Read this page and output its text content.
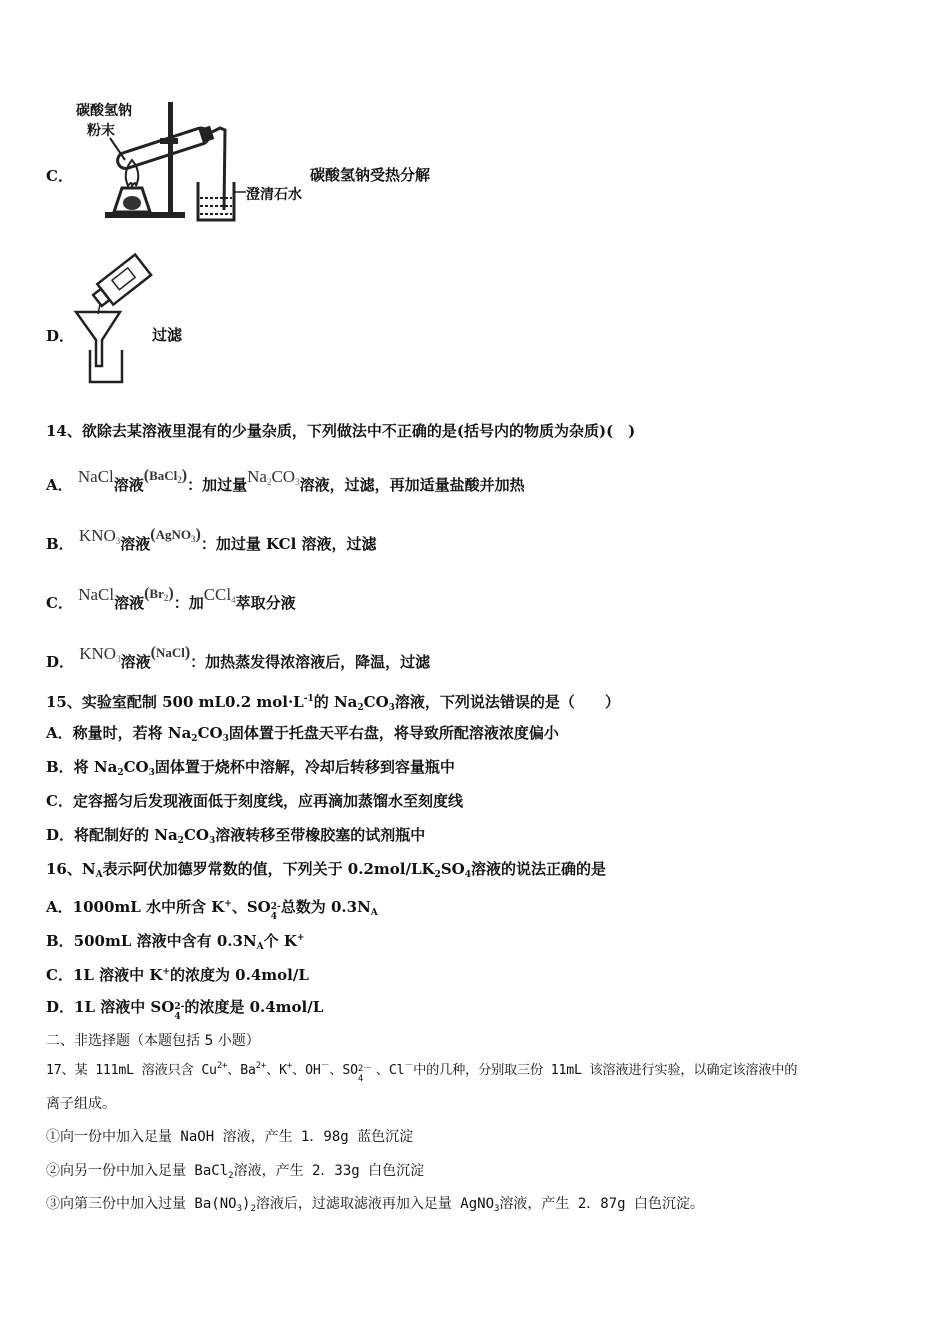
C．
碳酸氢钠
粉末
澄清石水
碳酸氢钠受热分解
D．	过滤
14、欲除去某溶液里混有的少量杂质，下列做法中不正确的是(括号内的物质为杂质)(　)
A． NaCl溶液(BaCl2)：加过量Na2CO3溶液，过滤，再加适量盐酸并加热
B． KNO3溶液(AgNO3)：加过量 KCl 溶液，过滤
C． NaCl溶液(Br2)：加CCl4萃取分液
D． KNO3溶液(NaCl)：加热蒸发得浓溶液后，降温，过滤
15、实验室配制 500 mL0.2 $mol\cdot L^{-1}$的 $Na_2CO_3$溶液，下列说法错误的是（　　）
A．称量时，若将 $Na_2CO_3$固体置于托盘天平右盘，将导致所配溶液浓度偏小
B．将 $Na_2CO_3$固体置于烧杯中溶解，冷却后转移到容量瓶中
C．定容摇匀后发现液面低于刻度线，应再滴加蒸馏水至刻度线
D．将配制好的 $Na_2CO_3$溶液转移至带橡胶塞的试剂瓶中
16、$N_A$表示阿伏加德罗常数的值，下列关于 $0.2mol/LK_2SO_4$溶液的说法正确的是
A．1000mL 水中所含 K+、SO 2-
4
总数为 $0.3N_A$
B．500mL 溶液中含有 $0.3N_A$个 K+
C．1L 溶液中 K+的浓度为 0.4mol/L
D．1L 溶液中 SO 2-
4
的浓度是 0.4mol/L
二、非选择题（本题包括 5 小题）
17、某 111mL 溶液只含 $Cu^{2+}$、$Ba^{2+}$、K+、OH－、SO 2－
4
、Cl－中的几种，分别取三份 11mL 该溶液进行实验，以确定该溶液中的
离子组成。
①向一份中加入足量 NaOH 溶液，产生 1．98g 蓝色沉淀
②向另一份中加入足量 BaCl$_2$溶液，产生 2．33g 白色沉淀
③向第三份中加入过量 $Ba(NO_3)_2$溶液后，过滤取滤液再加入足量 AgNO$_3$溶液，产生 2．87g 白色沉淀。
